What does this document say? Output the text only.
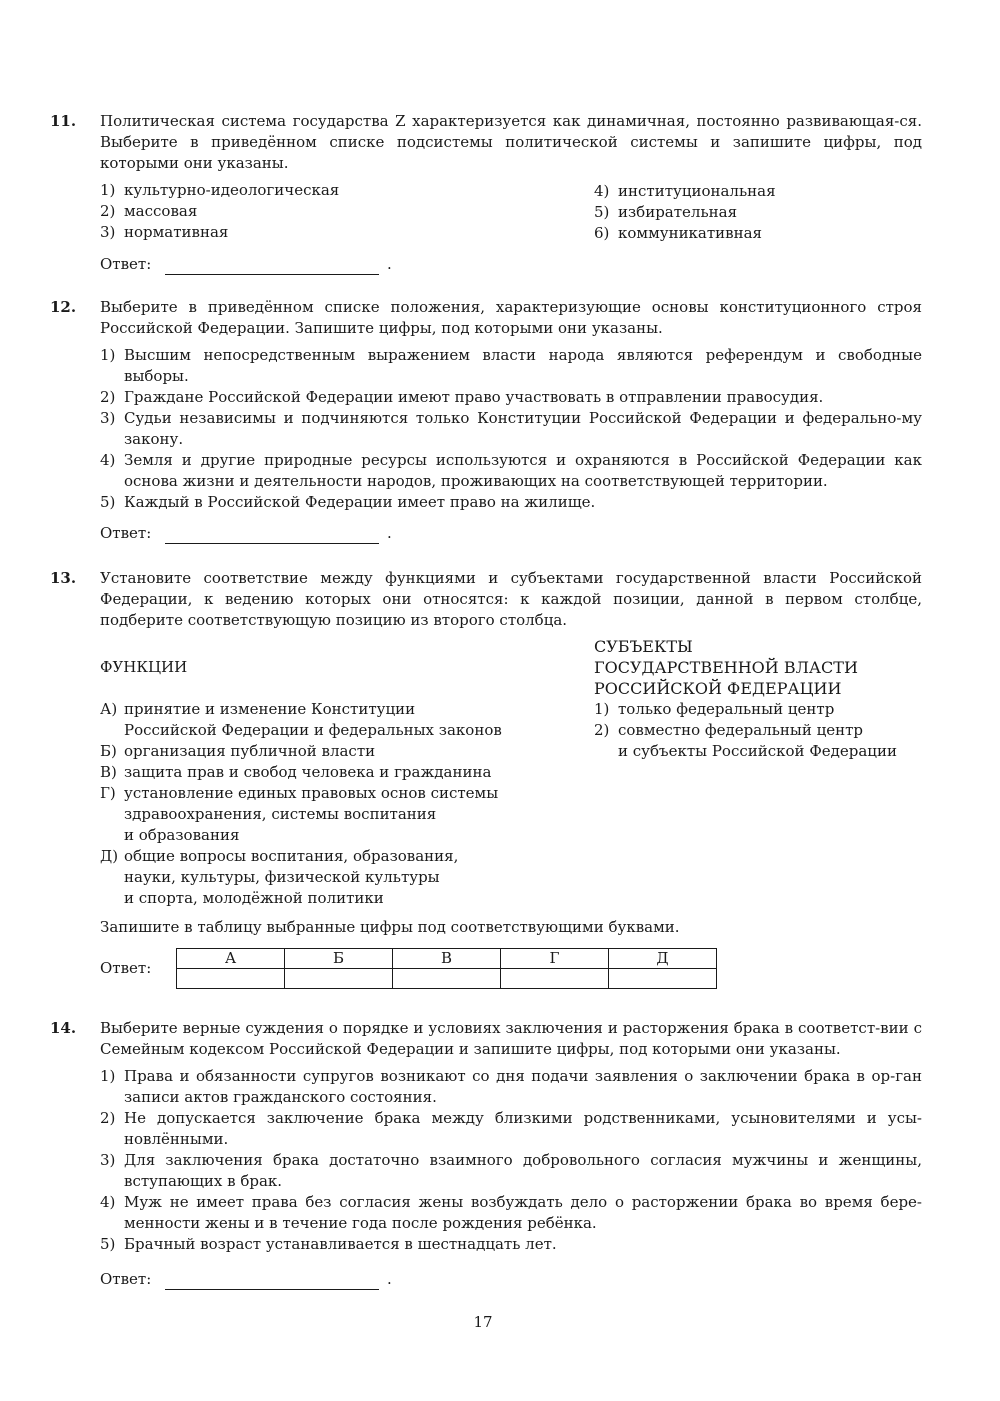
11. Политическая система государства Z характеризуется как динамичная, постоянно развивающая-ся. Выберите в приведённом списке подсистемы политической системы и запишите цифры, под которыми они указаны.
1) культурно-идеологическая
2) массовая
3) нормативная
4) институциональная
5) избирательная
6) коммуникативная
Ответ:	.
12. Выберите в приведённом списке положения, характеризующие основы конституционного строя Российской Федерации. Запишите цифры, под которыми они указаны.
1) Высшим непосредственным выражением власти народа являются референдум и свободные выборы.
2) Граждане Российской Федерации имеют право участвовать в отправлении правосудия.
3) Судьи независимы и подчиняются только Конституции Российской Федерации и федерально-му закону.
4) Земля и другие природные ресурсы используются и охраняются в Российской Федерации как основа жизни и деятельности народов, проживающих на соответствующей территории.
5) Каждый в Российской Федерации имеет право на жилище.
Ответ:	.
13. Установите соответствие между функциями и субъектами государственной власти Российской Федерации, к ведению которых они относятся: к каждой позиции, данной в первом столбце, подберите соответствующую позицию из второго столбца.
ФУНКЦИИ
А) принятие и изменение Конституции
Российской Федерации и федеральных законов
Б) организация публичной власти
В) защита прав и свобод человека и гражданина
Г) установление единых правовых основ системы
здравоохранения, системы воспитания
и образования
Д) общие вопросы воспитания, образования,
науки, культуры, физической культуры
и спорта, молодёжной политики
СУБЪЕКТЫ
ГОСУДАРСТВЕННОЙ ВЛАСТИ
РОССИЙСКОЙ ФЕДЕРАЦИИ
1) только федеральный центр
2) совместно федеральный центр
и субъекты Российской Федерации
Запишите в таблицу выбранные цифры под соответствующими буквами.
Ответ:
А	Б	В	Г	Д

14. Выберите верные суждения о порядке и условиях заключения и расторжения брака в соответст-вии с Семейным кодексом Российской Федерации и запишите цифры, под которыми они указаны.
1) Права и обязанности супругов возникают со дня подачи заявления о заключении брака в ор-ган записи актов гражданского состояния.
2) Не допускается заключение брака между близкими родственниками, усыновителями и усы-новлёнными.
3) Для заключения брака достаточно взаимного добровольного согласия мужчины и женщины, вступающих в брак.
4) Муж не имеет права без согласия жены возбуждать дело о расторжении брака во время бере-менности жены и в течение года после рождения ребёнка.
5) Брачный возраст устанавливается в шестнадцать лет.
Ответ:	.
17
